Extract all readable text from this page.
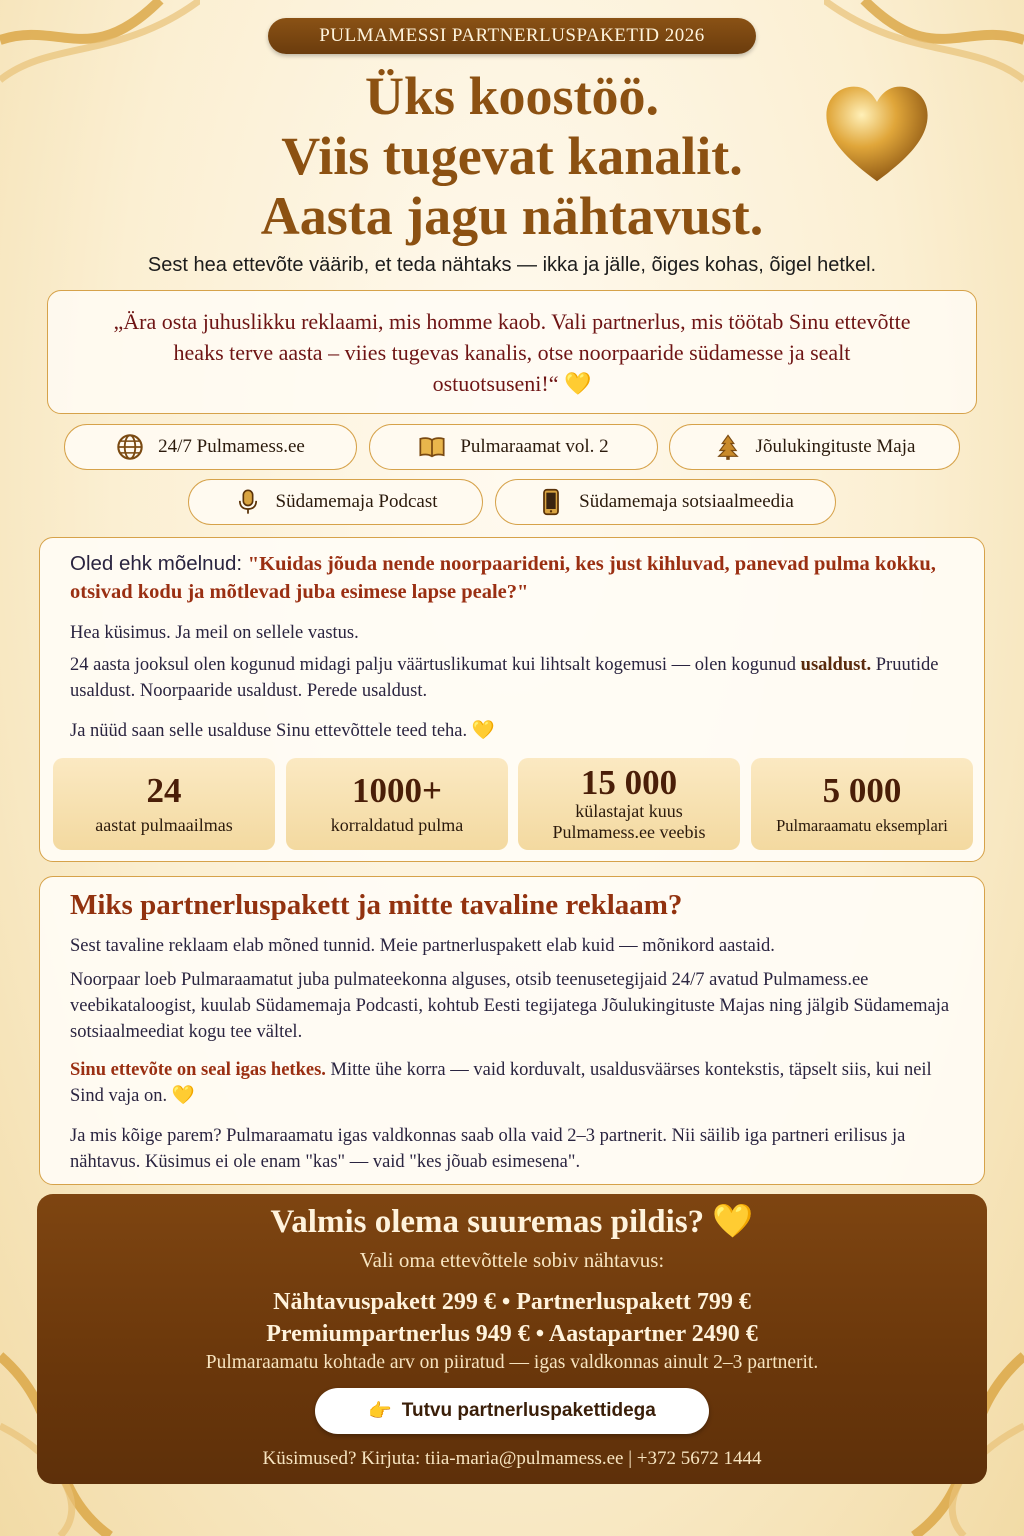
PULMAMESSI PARTNERLUSPAKETID 2026
Üks koostöö.
Viis tugevat kanalit.
Aasta jagu nähtavust.
Sest hea ettevõte väärib, et teda nähtaks — ikka ja jälle, õiges kohas, õigel hetkel.
„Ära osta juhuslikku reklaami, mis homme kaob. Vali partnerlus, mis töötab Sinu ettevõtte heaks terve aasta – viies tugevas kanalis, otse noorpaaride südamesse ja sealt ostuotsuseni!“ 💛
24/7 Pulmamess.ee	Pulmaraamat vol. 2	Jõulukingituste Maja
Südamemaja Podcast	Südamemaja sotsiaalmeedia

Oled ehk mõelnud: "Kuidas jõuda nende noorpaarideni, kes just kihluvad, panevad pulma kokku, otsivad kodu ja mõtlevad juba esimese lapse peale?"

Hea küsimus. Ja meil on sellele vastus.

24 aasta jooksul olen kogunud midagi palju väärtuslikumat kui lihtsalt kogemusi — olen kogunud usaldust. Pruutide usaldust. Noorpaaride usaldust. Perede usaldust.

Ja nüüd saan selle usalduse Sinu ettevõttele teed teha. 💛

24
aastat pulmaailmas
1000+
korraldatud pulma
15 000
külastajat kuus Pulmamess.ee veebis
5 000
Pulmaraamatu eksemplari
Miks partnerluspakett ja mitte tavaline reklaam?

Sest tavaline reklaam elab mõned tunnid. Meie partnerluspakett elab kuid — mõnikord aastaid.

Noorpaar loeb Pulmaraamatut juba pulmateekonna alguses, otsib teenusetegijaid 24/7 avatud Pulmamess.ee veebikataloogist, kuulab Südamemaja Podcasti, kohtub Eesti tegijatega Jõulukingituste Majas ning jälgib Südamemaja sotsiaalmeediat kogu tee vältel.

Sinu ettevõte on seal igas hetkes. Mitte ühe korra — vaid korduvalt, usaldusväärses kontekstis, täpselt siis, kui neil Sind vaja on. 💛

Ja mis kõige parem? Pulmaraamatu igas valdkonnas saab olla vaid 2–3 partnerit. Nii säilib iga partneri erilisus ja nähtavus. Küsimus ei ole enam "kas" — vaid "kes jõuab esimesena".

Valmis olema suuremas pildis? 💛
Vali oma ettevõttele sobiv nähtavus:
Nähtavuspakett 299 € • Partnerluspakett 799 €
Premiumpartnerlus 949 € • Aastapartner 2490 €
Pulmaraamatu kohtade arv on piiratud — igas valdkonnas ainult 2–3 partnerit.
👉 Tutvu partnerluspakettidega
Küsimused? Kirjuta: tiia-maria@pulmamess.ee | +372 5672 1444
